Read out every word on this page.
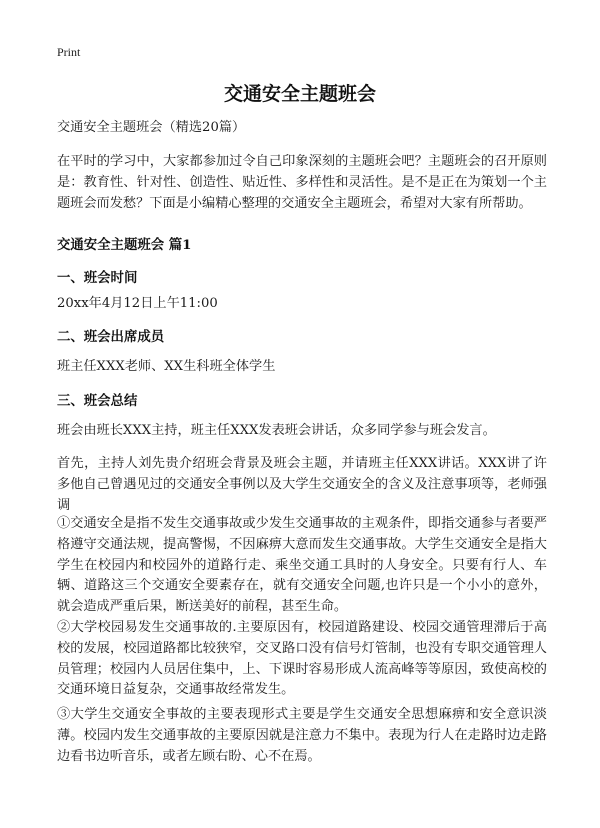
Print
交通安全主题班会

交通安全主题班会（精选20篇）

在平时的学习中，大家都参加过令自己印象深刻的主题班会吧？主题班会的召开原则是：教育性、针对性、创造性、贴近性、多样性和灵活性。是不是正在为策划一个主题班会而发愁？下面是小编精心整理的交通安全主题班会，希望对大家有所帮助。

交通安全主题班会 篇1
一、班会时间

20xx年4月12日上午11:00

二、班会出席成员

班主任XXX老师、XX生科班全体学生

三、班会总结

班会由班长XXX主持，班主任XXX发表班会讲话，众多同学参与班会发言。

首先，主持人刘先贵介绍班会背景及班会主题，并请班主任XXX讲话。XXX讲了许多他自己曾遇见过的交通安全事例以及大学生交通安全的含义及注意事项等，老师强调

①交通安全是指不发生交通事故或少发生交通事故的主观条件，即指交通参与者要严格遵守交通法规，提高警惕，不因麻痹大意而发生交通事故。大学生交通安全是指大学生在校园内和校园外的道路行走、乘坐交通工具时的人身安全。只要有行人、车辆、道路这三个交通安全要素存在，就有交通安全问题,也许只是一个小小的意外，就会造成严重后果，断送美好的前程，甚至生命。

②大学校园易发生交通事故的.主要原因有，校园道路建设、校园交通管理滞后于高校的发展，校园道路都比较狭窄，交叉路口没有信号灯管制，也没有专职交通管理人员管理；校园内人员居住集中，上、下课时容易形成人流高峰等等原因，致使高校的交通环境日益复杂，交通事故经常发生。

③大学生交通安全事故的主要表现形式主要是学生交通安全思想麻痹和安全意识淡薄。校园内发生交通事故的主要原因就是注意力不集中。表现为行人在走路时边走路边看书边听音乐，或者左顾右盼、心不在焉。
